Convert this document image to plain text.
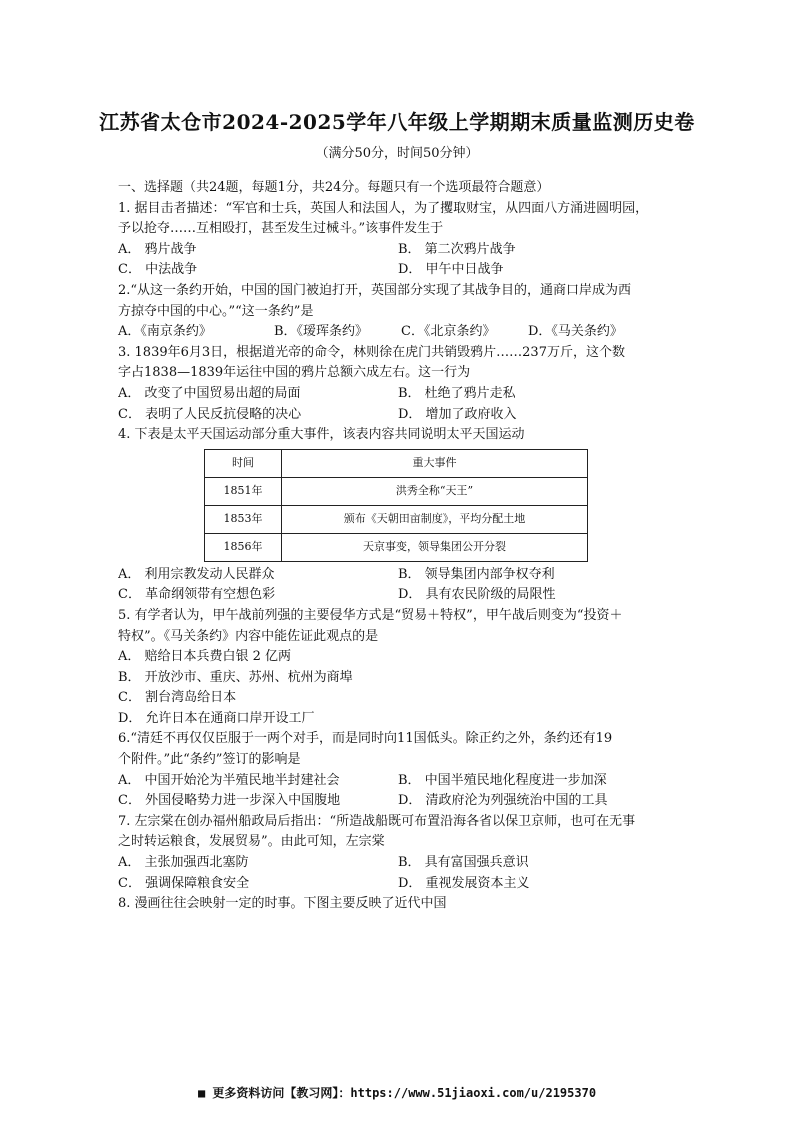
江苏省太仓市2024-2025学年八年级上学期期末质量监测历史卷
（满分50分，时间50分钟）
一、选择题（共24题，每题1分，共24分。每题只有一个选项最符合题意）
1. 据目击者描述：“军官和士兵，英国人和法国人，为了攫取财宝，从四面八方涌进圆明园，
予以抢夺……互相殴打，甚至发生过械斗。”该事件发生于
A． 鸦片战争	B． 第二次鸦片战争
C． 中法战争	D． 甲午中日战争
2.“从这一条约开始，中国的国门被迫打开，英国部分实现了其战争目的，通商口岸成为西
方掠夺中国的中心。”“这一条约”是
A．《南京条约》	B．《瑷珲条约》	C．《北京条约》	D．《马关条约》
3. 1839年6月3日，根据道光帝的命令，林则徐在虎门共销毁鸦片……237万斤，这个数
字占1838—1839年运往中国的鸦片总额六成左右。这一行为
A． 改变了中国贸易出超的局面	B． 杜绝了鸦片走私
C． 表明了人民反抗侵略的决心	D． 增加了政府收入
4. 下表是太平天国运动部分重大事件，该表内容共同说明太平天国运动
时间	重大事件
1851年	洪秀全称“天王”
1853年	颁布《天朝田亩制度》，平均分配土地
1856年	天京事变，领导集团公开分裂
A． 利用宗教发动人民群众	B． 领导集团内部争权夺利
C． 革命纲领带有空想色彩	D． 具有农民阶级的局限性
5. 有学者认为，甲午战前列强的主要侵华方式是“贸易＋特权”，甲午战后则变为“投资＋
特权”。《马关条约》内容中能佐证此观点的是
A． 赔给日本兵费白银 2 亿两
B． 开放沙市、重庆、苏州、杭州为商埠
C． 割台湾岛给日本
D． 允许日本在通商口岸开设工厂
6.“清廷不再仅仅臣服于一两个对手，而是同时向11国低头。除正约之外，条约还有19
个附件。”此“条约”签订的影响是
A． 中国开始沦为半殖民地半封建社会	B． 中国半殖民地化程度进一步加深
C． 外国侵略势力进一步深入中国腹地	D． 清政府沦为列强统治中国的工具
7. 左宗棠在创办福州船政局后指出：“所造战船既可布置沿海各省以保卫京师，也可在无事
之时转运粮食，发展贸易”。由此可知，左宗棠
A． 主张加强西北塞防	B． 具有富国强兵意识
C． 强调保障粮食安全	D． 重视发展资本主义
8. 漫画往往会映射一定的时事。下图主要反映了近代中国
■ 更多资料访问【教习网】：https://www.51jiaoxi.com/u/2195370
